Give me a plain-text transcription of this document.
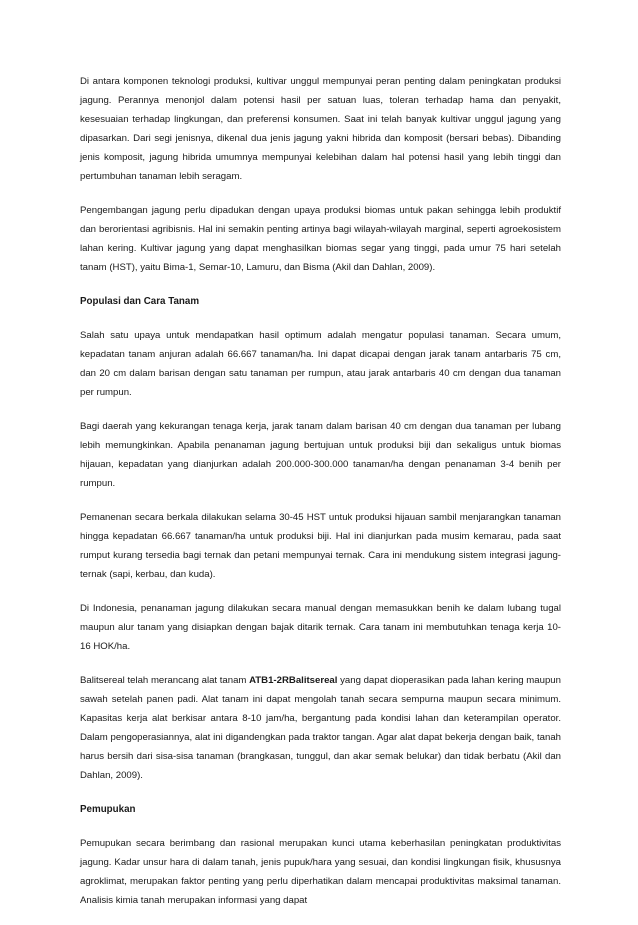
Di antara komponen teknologi produksi, kultivar unggul mempunyai peran penting dalam peningkatan produksi jagung. Perannya menonjol dalam potensi hasil per satuan luas, toleran terhadap hama dan penyakit, kesesuaian terhadap lingkungan, dan preferensi konsumen. Saat ini telah banyak kultivar unggul jagung yang dipasarkan. Dari segi jenisnya, dikenal dua jenis jagung yakni hibrida dan komposit (bersari bebas). Dibanding jenis komposit, jagung hibrida umumnya mempunyai kelebihan dalam hal potensi hasil yang lebih tinggi dan pertumbuhan tanaman lebih seragam.

Pengembangan jagung perlu dipadukan dengan upaya produksi biomas untuk pakan sehingga lebih produktif dan berorientasi agribisnis. Hal ini semakin penting artinya bagi wilayah-wilayah marginal, seperti agroekosistem lahan kering. Kultivar jagung yang dapat menghasilkan biomas segar yang tinggi, pada umur 75 hari setelah tanam (HST), yaitu Bima-1, Semar-10, Lamuru, dan Bisma (Akil dan Dahlan, 2009).

Populasi dan Cara Tanam

Salah satu upaya untuk mendapatkan hasil optimum adalah mengatur populasi tanaman. Secara umum, kepadatan tanam anjuran adalah 66.667 tanaman/ha. Ini dapat dicapai dengan jarak tanam antarbaris 75 cm, dan 20 cm dalam barisan dengan satu tanaman per rumpun, atau jarak antarbaris 40 cm dengan dua tanaman per rumpun.

Bagi daerah yang kekurangan tenaga kerja, jarak tanam dalam barisan 40 cm dengan dua tanaman per lubang lebih memungkinkan. Apabila penanaman jagung bertujuan untuk produksi biji dan sekaligus untuk biomas hijauan, kepadatan yang dianjurkan adalah 200.000-300.000 tanaman/ha dengan penanaman 3-4 benih per rumpun.

Pemanenan secara berkala dilakukan selama 30-45 HST untuk produksi hijauan sambil menjarangkan tanaman hingga kepadatan 66.667 tanaman/ha untuk produksi biji. Hal ini dianjurkan pada musim kemarau, pada saat rumput kurang tersedia bagi ternak dan petani mempunyai ternak. Cara ini mendukung sistem integrasi jagung-ternak (sapi, kerbau, dan kuda).

Di Indonesia, penanaman jagung dilakukan secara manual dengan memasukkan benih ke dalam lubang tugal maupun alur tanam yang disiapkan dengan bajak ditarik ternak. Cara tanam ini membutuhkan tenaga kerja 10-16 HOK/ha.

Balitsereal telah merancang alat tanam ATB1-2RBalitsereal yang dapat dioperasikan pada lahan kering maupun sawah setelah panen padi. Alat tanam ini dapat mengolah tanah secara sempurna maupun secara minimum. Kapasitas kerja alat berkisar antara 8-10 jam/ha, bergantung pada kondisi lahan dan keterampilan operator. Dalam pengoperasiannya, alat ini digandengkan pada traktor tangan. Agar alat dapat bekerja dengan baik, tanah harus bersih dari sisa-sisa tanaman (brangkasan, tunggul, dan akar semak belukar) dan tidak berbatu (Akil dan Dahlan, 2009).

Pemupukan

Pemupukan secara berimbang dan rasional merupakan kunci utama keberhasilan peningkatan produktivitas jagung. Kadar unsur hara di dalam tanah, jenis pupuk/hara yang sesuai, dan kondisi lingkungan fisik, khususnya agroklimat, merupakan faktor penting yang perlu diperhatikan dalam mencapai produktivitas maksimal tanaman. Analisis kimia tanah merupakan informasi yang dapat
